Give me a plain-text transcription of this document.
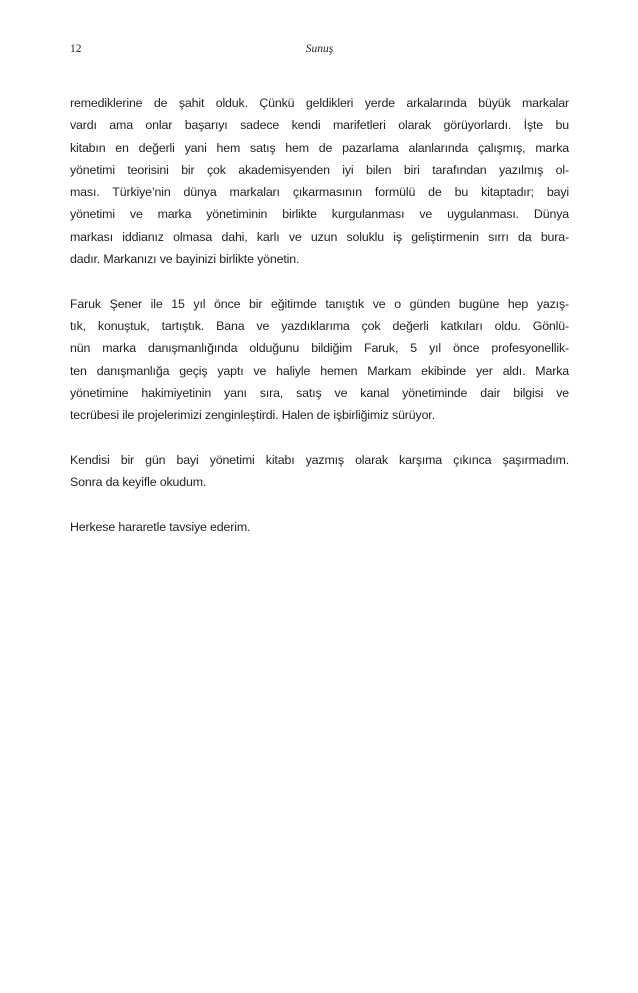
12	Sunuş
remediklerine de şahit olduk. Çünkü geldikleri yerde arkalarında büyük markalar
vardı ama onlar başarıyı sadece kendi marifetleri olarak görüyorlardı. İşte bu
kitabın en değerli yani hem satış hem de pazarlama alanlarında çalışmış, marka
yönetimi teorisini bir çok akademisyenden iyi bilen biri tarafından yazılmış ol-
ması. Türkiye’nin dünya markaları çıkarmasının formülü de bu kitaptadır; bayi
yönetimi ve marka yönetiminin birlikte kurgulanması ve uygulanması. Dünya
markası iddianız olmasa dahi, karlı ve uzun soluklu iş geliştirmenin sırrı da bura-
dadır. Markanızı ve bayinizi birlikte yönetin.
Faruk Şener ile 15 yıl önce bir eğitimde tanıştık ve o günden bugüne hep yazış-
tık, konuştuk, tartıştık. Bana ve yazdıklarıma çok değerli katkıları oldu. Gönlü-
nün marka danışmanlığında olduğunu bildiğim Faruk, 5 yıl önce profesyonellik-
ten danışmanlığa geçiş yaptı ve haliyle hemen Markam ekibinde yer aldı. Marka
yönetimine hakimiyetinin yanı sıra, satış ve kanal yönetiminde dair bilgisi ve
tecrübesi ile projelerimizi zenginleştirdi. Halen de işbirliğimiz sürüyor.
Kendisi bir gün bayi yönetimi kitabı yazmış olarak karşıma çıkınca şaşırmadım.
Sonra da keyifle okudum.
Herkese hararetle tavsiye ederim.
